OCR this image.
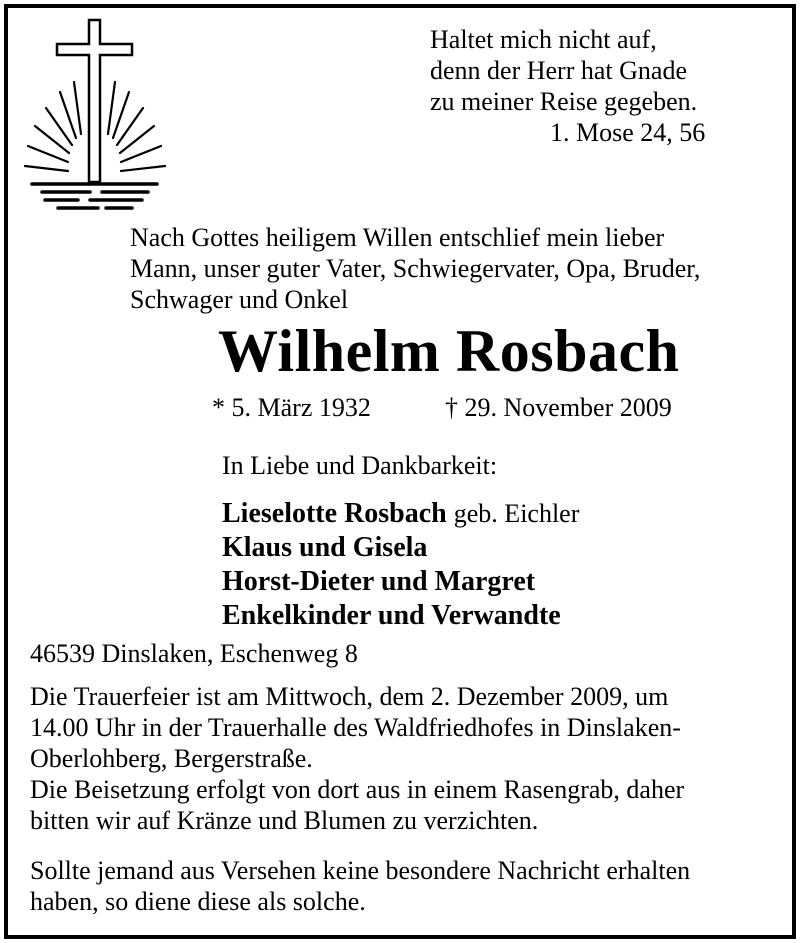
Haltet mich nicht auf,
denn der Herr hat Gnade
zu meiner Reise gegeben.
1. Mose 24, 56
Nach Gottes heiligem Willen entschlief mein lieber
Mann, unser guter Vater, Schwiegervater, Opa, Bruder,
Schwager und Onkel
Wilhelm Rosbach
* 5. März 1932	† 29. November 2009
In Liebe und Dankbarkeit:
Lieselotte Rosbach geb. Eichler
Klaus und Gisela
Horst-Dieter und Margret
Enkelkinder und Verwandte
46539 Dinslaken, Eschenweg 8
Die Trauerfeier ist am Mittwoch, dem 2. Dezember 2009, um
14.00 Uhr in der Trauerhalle des Waldfriedhofes in Dinslaken-
Oberlohberg, Bergerstraße.
Die Beisetzung erfolgt von dort aus in einem Rasengrab, daher
bitten wir auf Kränze und Blumen zu verzichten.
Sollte jemand aus Versehen keine besondere Nachricht erhalten
haben, so diene diese als solche.
